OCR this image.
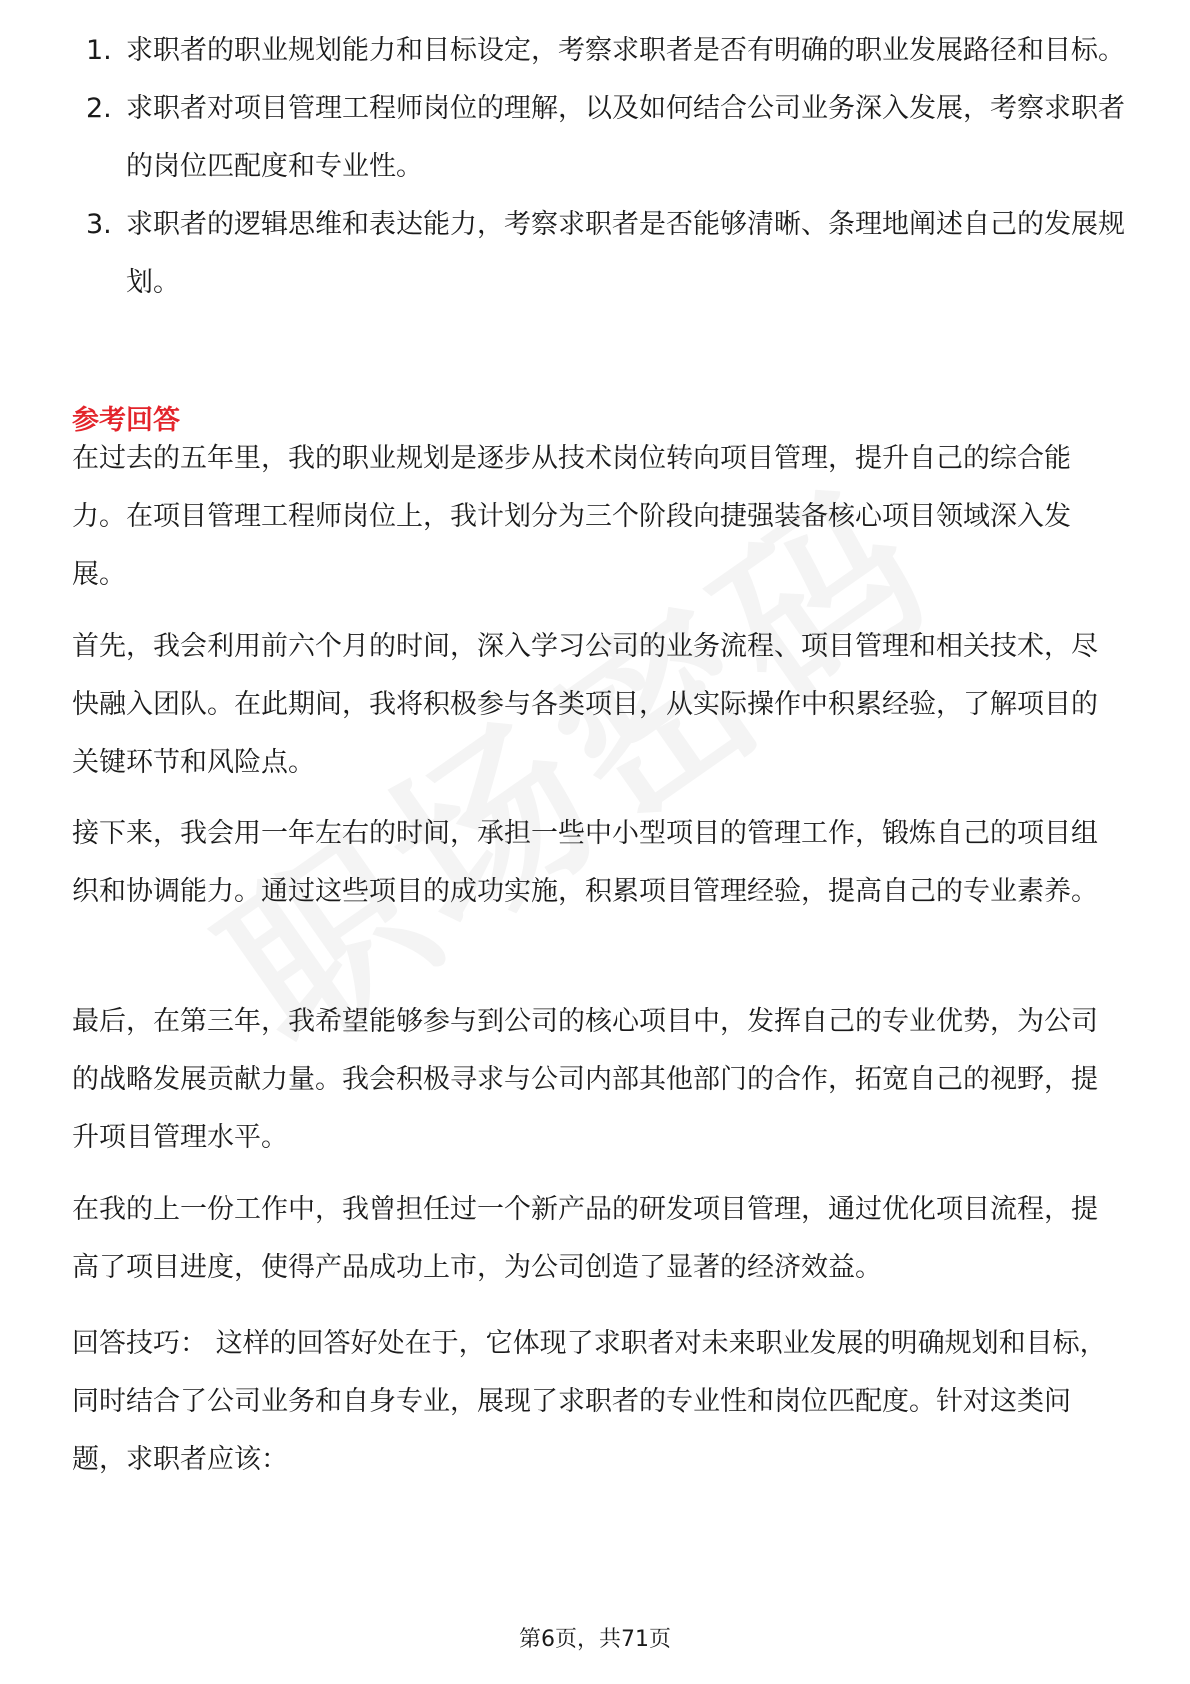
1. 求职者的职业规划能力和目标设定，考察求职者是否有明确的职业发展路径和目标。
2. 求职者对项目管理工程师岗位的理解，以及如何结合公司业务深入发展，考察求职者的岗位匹配度和专业性。
3. 求职者的逻辑思维和表达能力，考察求职者是否能够清晰、条理地阐述自己的发展规划。
参考回答

在过去的五年里，我的职业规划是逐步从技术岗位转向项目管理，提升自己的综合能力。在项目管理工程师岗位上，我计划分为三个阶段向捷强装备核心项目领域深入发展。

首先，我会利用前六个月的时间，深入学习公司的业务流程、项目管理和相关技术，尽快融入团队。在此期间，我将积极参与各类项目，从实际操作中积累经验，了解项目的关键环节和风险点。

接下来，我会用一年左右的时间，承担一些中小型项目的管理工作，锻炼自己的项目组织和协调能力。通过这些项目的成功实施，积累项目管理经验，提高自己的专业素养。

最后，在第三年，我希望能够参与到公司的核心项目中，发挥自己的专业优势，为公司的战略发展贡献力量。我会积极寻求与公司内部其他部门的合作，拓宽自己的视野，提升项目管理水平。

在我的上一份工作中，我曾担任过一个新产品的研发项目管理，通过优化项目流程，提高了项目进度，使得产品成功上市，为公司创造了显著的经济效益。

回答技巧： 这样的回答好处在于，它体现了求职者对未来职业发展的明确规划和目标，同时结合了公司业务和自身专业，展现了求职者的专业性和岗位匹配度。针对这类问题，求职者应该：

第6页，共71页
